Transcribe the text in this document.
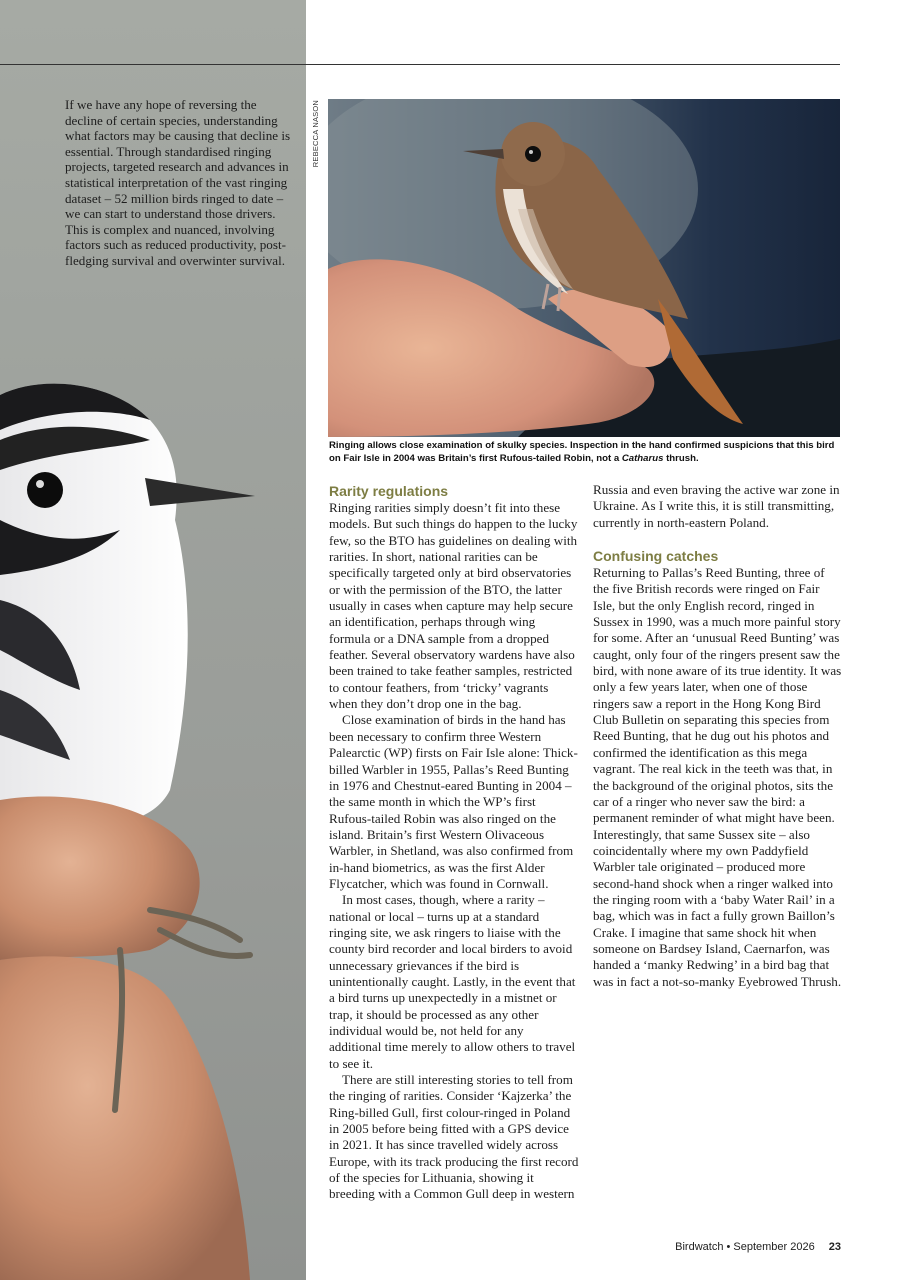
If we have any hope of reversing the decline of certain species, understanding what factors may be causing that decline is essential. Through standardised ringing projects, targeted research and advances in statistical interpretation of the vast ringing dataset – 52 million birds ringed to date – we can start to understand those drivers. This is complex and nuanced, involving factors such as reduced productivity, post-fledging survival and overwinter survival.

REBECCA NASON

Ringing allows close examination of skulky species. Inspection in the hand confirmed suspicions that this bird on Fair Isle in 2004 was Britain’s first Rufous-tailed Robin, not a Catharus thrush.

Rarity regulations

Ringing rarities simply doesn’t fit into these models. But such things do happen to the lucky few, so the BTO has guidelines on dealing with rarities. In short, national rarities can be specifically targeted only at bird observatories or with the permission of the BTO, the latter usually in cases when capture may help secure an identification, perhaps through wing formula or a DNA sample from a dropped feather. Several observatory wardens have also been trained to take feather samples, restricted to contour feathers, from ‘tricky’ vagrants when they don’t drop one in the bag.

Close examination of birds in the hand has been necessary to confirm three Western Palearctic (WP) firsts on Fair Isle alone: Thick-billed Warbler in 1955, Pallas’s Reed Bunting in 1976 and Chestnut-eared Bunting in 2004 – the same month in which the WP’s first Rufous-tailed Robin was also ringed on the island. Britain’s first Western Olivaceous Warbler, in Shetland, was also confirmed from in-hand biometrics, as was the first Alder Flycatcher, which was found in Cornwall.

In most cases, though, where a rarity – national or local – turns up at a standard ringing site, we ask ringers to liaise with the county bird recorder and local birders to avoid unnecessary grievances if the bird is unintentionally caught. Lastly, in the event that a bird turns up unexpectedly in a mistnet or trap, it should be processed as any other individual would be, not held for any additional time merely to allow others to travel to see it.

There are still interesting stories to tell from the ringing of rarities. Consider ‘Kajzerka’ the Ring-billed Gull, first colour-ringed in Poland in 2005 before being fitted with a GPS device in 2021. It has since travelled widely across Europe, with its track producing the first record of the species for Lithuania, showing it breeding with a Common Gull deep in western

Russia and even braving the active war zone in Ukraine. As I write this, it is still transmitting, currently in north-eastern Poland.

Confusing catches

Returning to Pallas’s Reed Bunting, three of the five British records were ringed on Fair Isle, but the only English record, ringed in Sussex in 1990, was a much more painful story for some. After an ‘unusual Reed Bunting’ was caught, only four of the ringers present saw the bird, with none aware of its true identity. It was only a few years later, when one of those ringers saw a report in the Hong Kong Bird Club Bulletin on separating this species from Reed Bunting, that he dug out his photos and confirmed the identification as this mega vagrant. The real kick in the teeth was that, in the background of the original photos, sits the car of a ringer who never saw the bird: a permanent reminder of what might have been. Interestingly, that same Sussex site – also coincidentally where my own Paddyfield Warbler tale originated – produced more second-hand shock when a ringer walked into the ringing room with a ‘baby Water Rail’ in a bag, which was in fact a fully grown Baillon’s Crake. I imagine that same shock hit when someone on Bardsey Island, Caernarfon, was handed a ‘manky Redwing’ in a bird bag that was in fact a not-so-manky Eyebrowed Thrush.

Birdwatch • September 2026 23
